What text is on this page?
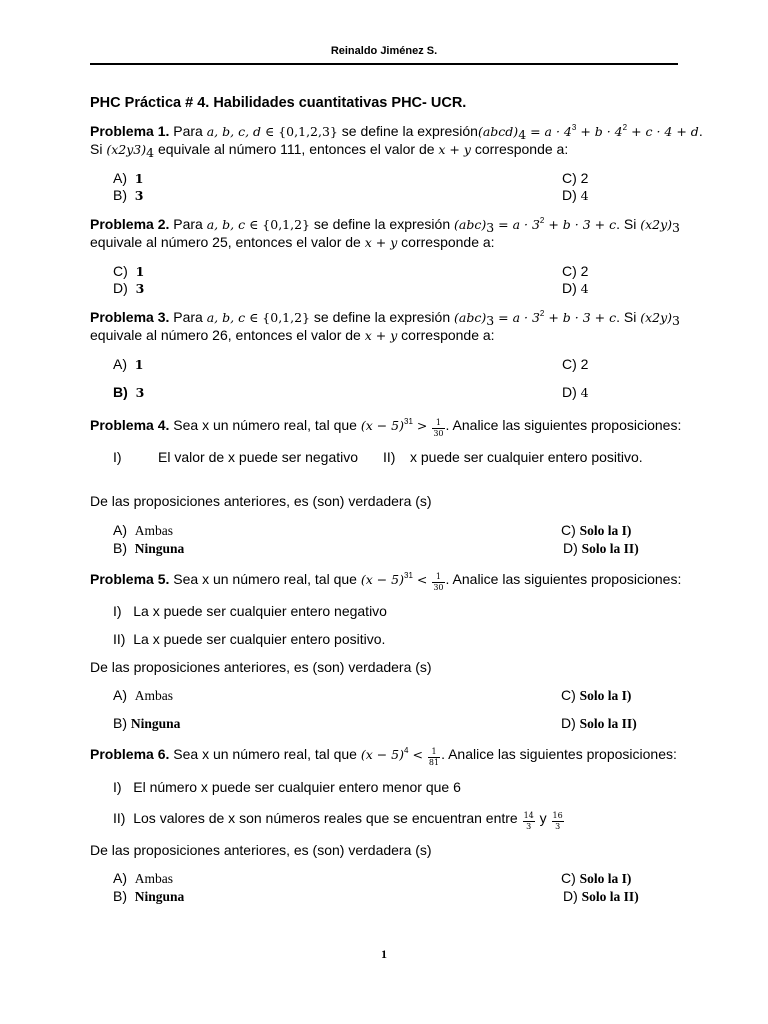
Reinaldo Jiménez S.
PHC Práctica # 4. Habilidades cuantitativas PHC- UCR.
Problema 1. Para a, b, c, d ∈ {0,1,2,3} se define la $expresión(abcd)_4 = a \cdot 4^3 + b \cdot 4^2 + c \cdot 4 + d$.
Si $(x2y3)_4$ equivale al número 111, entonces el valor de x + y corresponde a:
A) 1
B) 3
C) 2
D) 4
Problema 2. Para a, b, c ∈ {0,1,2} se define la expresión $(abc)_3 = a \cdot 3^2 + b \cdot 3 + c$. Si $(x2y)_3$
equivale al número 25, entonces el valor de x + y corresponde a:
C) 1
D) 3
C) 2
D) 4
Problema 3. Para a, b, c ∈ {0,1,2} se define la expresión $(abc)_3 = a \cdot 3^2 + b \cdot 3 + c$. Si $(x2y)_3$
equivale al número 26, entonces el valor de x + y corresponde a:
A) 1
B) 3
C) 2
D) 4
Problema 4. Sea x un número real, tal que $(x - 5)^{31} > \frac{1}{30}$ . Analice las siguientes proposiciones:
I)	El valor de x puede ser negativo II) x puede ser cualquier entero positivo.
De las proposiciones anteriores, es (son) verdadera (s)
A) Ambas
B) Ninguna
C) Solo la I)
D) Solo la II)
Problema 5. Sea x un número real, tal que $(x - 5)^{31} < \frac{1}{30}$ . Analice las siguientes proposiciones:
I) La x puede ser cualquier entero negativo
II) La x puede ser cualquier entero positivo.
De las proposiciones anteriores, es (son) verdadera (s)
A) Ambas
B) Ninguna
C) Solo la I)
D) Solo la II)
Problema 6. Sea x un número real, tal que $(x - 5)^4 < \frac{1}{81}$ . Analice las siguientes proposiciones:
I) El número x puede ser cualquier entero menor que 6
II) Los valores de x son números reales que se encuentran entre $\frac{14}{3}$ y $\frac{16}{3}$
De las proposiciones anteriores, es (son) verdadera (s)
A) Ambas
B) Ninguna
C) Solo la I)
D) Solo la II)
1
